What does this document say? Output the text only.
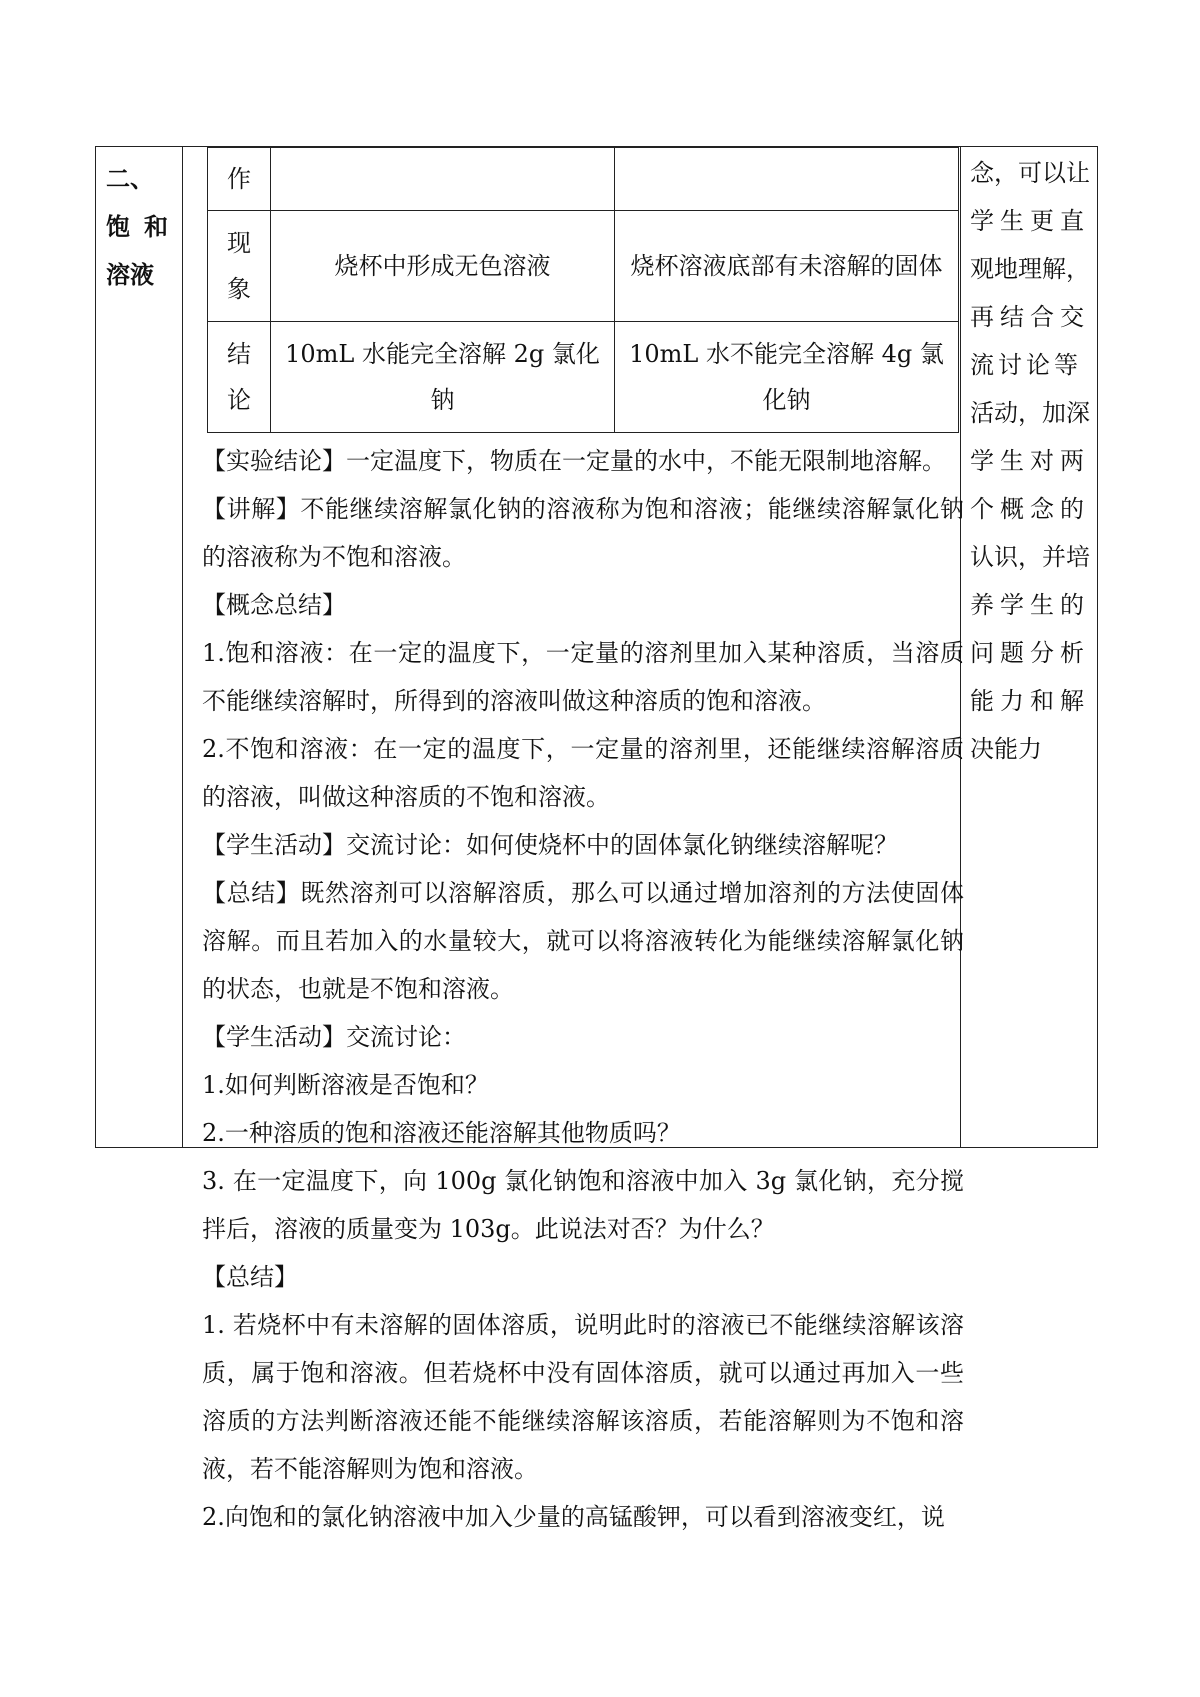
二、
饱和
溶液
作		
现
象	烧杯中形成无色溶液	烧杯溶液底部有未溶解的固体
结
论	10mL 水能完全溶解 2g 氯化钠	10mL 水不能完全溶解 4g 氯化钠

【实验结论】一定温度下，物质在一定量的水中，不能无限制地溶解。

【讲解】不能继续溶解氯化钠的溶液称为饱和溶液；能继续溶解氯化钠的溶液称为不饱和溶液。

【概念总结】

1.饱和溶液：在一定的温度下，一定量的溶剂里加入某种溶质，当溶质不能继续溶解时，所得到的溶液叫做这种溶质的饱和溶液。

2.不饱和溶液：在一定的温度下，一定量的溶剂里，还能继续溶解溶质的溶液，叫做这种溶质的不饱和溶液。

【学生活动】交流讨论：如何使烧杯中的固体氯化钠继续溶解呢？

【总结】既然溶剂可以溶解溶质，那么可以通过增加溶剂的方法使固体溶解。而且若加入的水量较大，就可以将溶液转化为能继续溶解氯化钠的状态，也就是不饱和溶液。

【学生活动】交流讨论：

1.如何判断溶液是否饱和？

2.一种溶质的饱和溶液还能溶解其他物质吗？

3. 在一定温度下，向 100g 氯化钠饱和溶液中加入 3g 氯化钠，充分搅拌后，溶液的质量变为 103g。此说法对否？为什么？

【总结】

1. 若烧杯中有未溶解的固体溶质，说明此时的溶液已不能继续溶解该溶质，属于饱和溶液。但若烧杯中没有固体溶质，就可以通过再加入一些溶质的方法判断溶液还能不能继续溶解该溶质，若能溶解则为不饱和溶液，若不能溶解则为饱和溶液。

2.向饱和的氯化钠溶液中加入少量的高锰酸钾，可以看到溶液变红，说

念，可以让
学生更直
观地理解，
再结合交
流讨论等
活动，加深
学生对两
个概念的
认识，并培
养学生的
问题分析
能力和解
决能力
